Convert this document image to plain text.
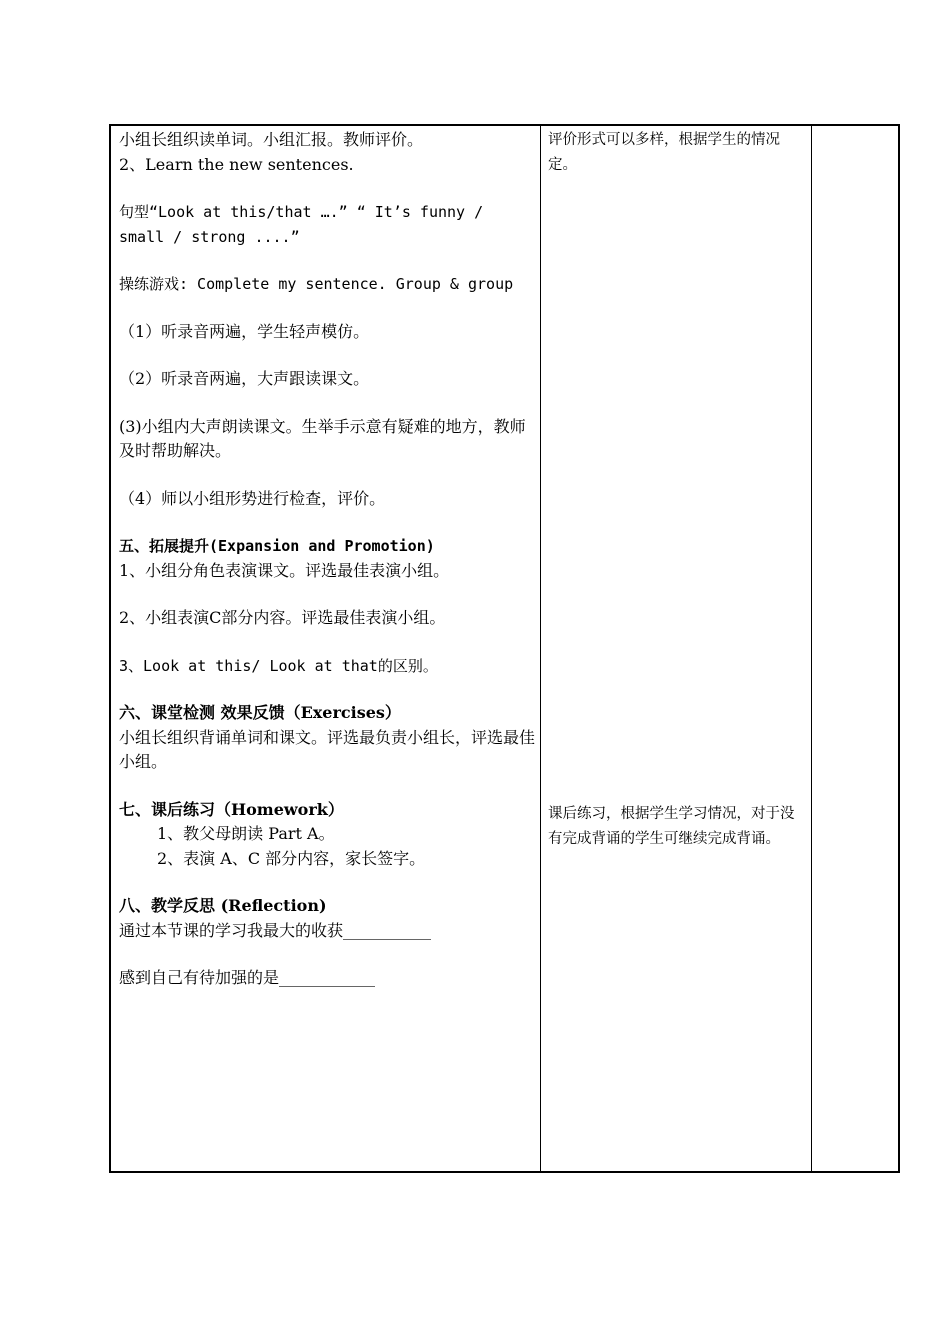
小组长组织读单词。小组汇报。教师评价。

2、Learn the new sentences.

句型“Look at this/that ….” “ It’s funny / small / strong ....”

操练游戏: Complete my sentence. Group & group

（1）听录音两遍，学生轻声模仿。

（2）听录音两遍，大声跟读课文。

(3)小组内大声朗读课文。生举手示意有疑难的地方，教师及时帮助解决。

（4）师以小组形势进行检查，评价。

五、拓展提升(Expansion and Promotion)

1、小组分角色表演课文。评选最佳表演小组。

2、小组表演C部分内容。评选最佳表演小组。

3、Look at this/ Look at that的区别。

六、课堂检测 效果反馈（Exercises）

小组长组织背诵单词和课文。评选最负责小组长，评选最佳小组。

七、课后练习（Homework）

1、教父母朗读 Part A。

2、表演 A、C 部分内容，家长签字。

八、教学反思 (Reflection)

通过本节课的学习我最大的收获___________

感到自己有待加强的是____________

评价形式可以多样，根据学生的情况定。

课后练习，根据学生学习情况，对于没有完成背诵的学生可继续完成背诵。
